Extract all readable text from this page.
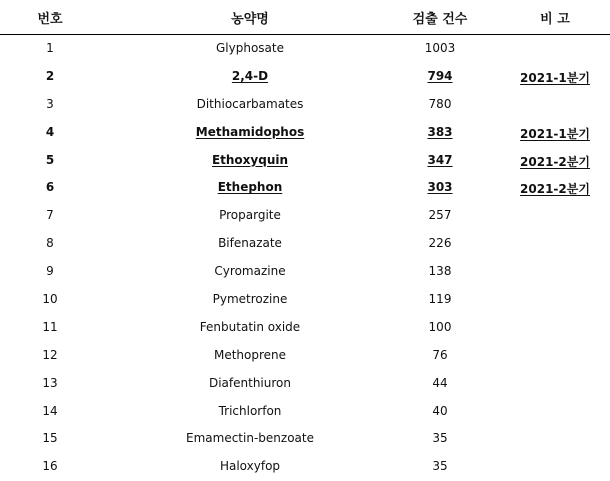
번호	농약명	검출 건수	비 고
1	Glyphosate	1003
2	2,4-D	794	2021-1분기
3	Dithiocarbamates	780
4	Methamidophos	383	2021-1분기
5	Ethoxyquin	347	2021-2분기
6	Ethephon	303	2021-2분기
7	Propargite	257
8	Bifenazate	226
9	Cyromazine	138
10	Pymetrozine	119
11	Fenbutatin oxide	100
12	Methoprene	76
13	Diafenthiuron	44
14	Trichlorfon	40
15	Emamectin-benzoate	35
16	Haloxyfop	35
